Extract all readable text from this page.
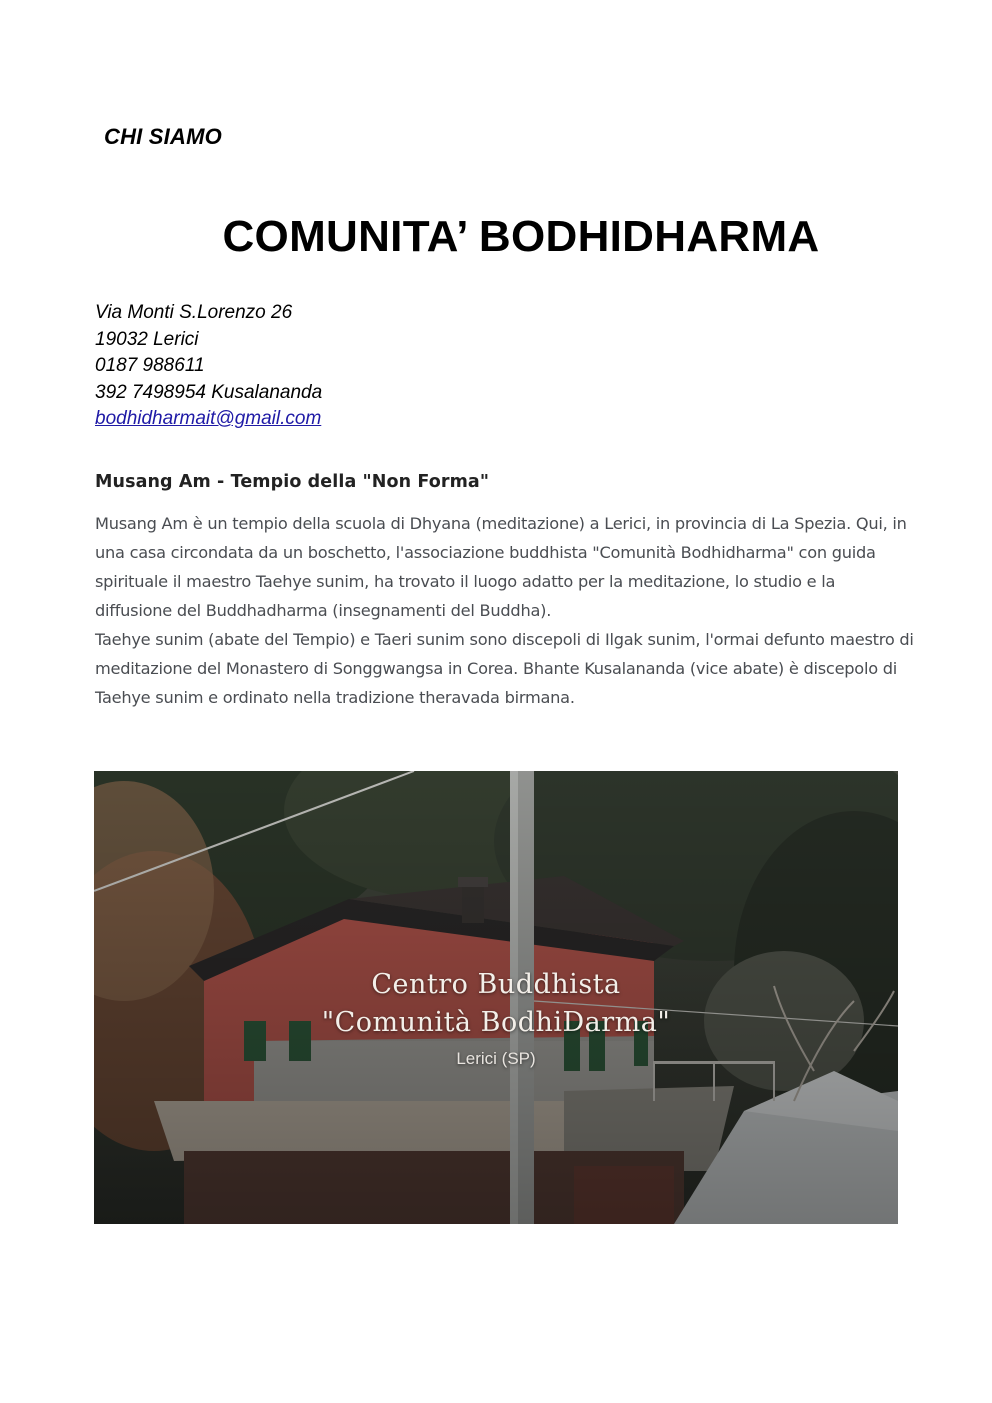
CHI SIAMO
COMUNITA’ BODHIDHARMA
Via Monti S.Lorenzo 26
19032 Lerici
0187 988611
392 7498954 Kusalananda
bodhidharmait@gmail.com
Musang Am - Tempio della "Non Forma"

Musang Am è un tempio della scuola di Dhyana (meditazione) a Lerici, in provincia di La Spezia. Qui, in una casa circondata da un boschetto, l'associazione buddhista "Comunità Bodhidharma" con guida spirituale il maestro Taehye sunim, ha trovato il luogo adatto per la meditazione, lo studio e la diffusione del Buddhadharma (insegnamenti del Buddha).

Taehye sunim (abate del Tempio) e Taeri sunim sono discepoli di Ilgak sunim, l'ormai defunto maestro di meditazione del Monastero di Songgwangsa in Corea. Bhante Kusalananda (vice abate) è discepolo di Taehye sunim e ordinato nella tradizione theravada birmana.

Centro Buddhista
"Comunità BodhiDarma"
Lerici (SP)
